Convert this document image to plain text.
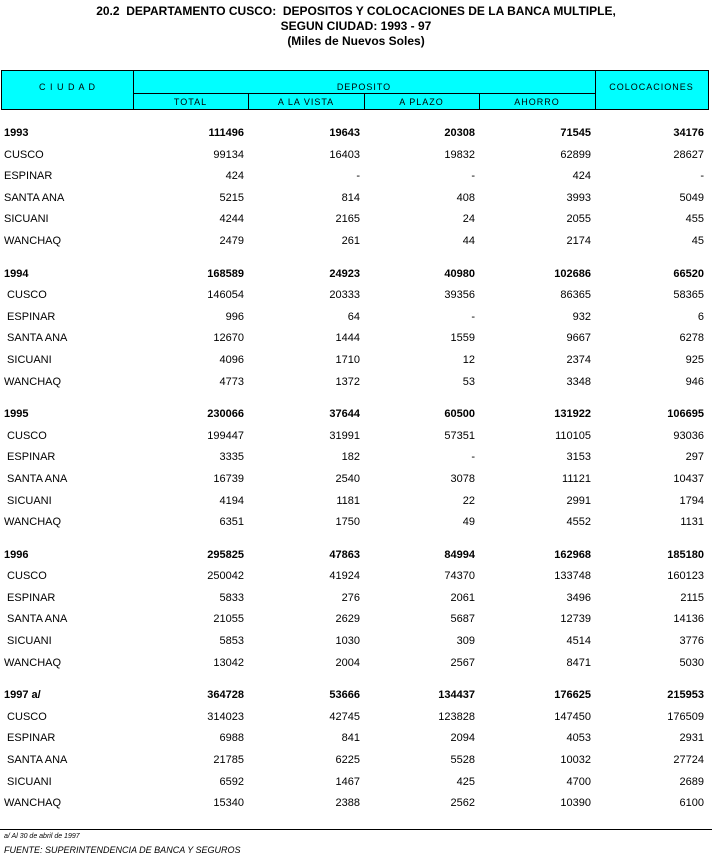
20.2  DEPARTAMENTO CUSCO:  DEPOSITOS Y COLOCACIONES DE LA BANCA MULTIPLE,
SEGUN CIUDAD: 1993 - 97
(Miles de Nuevos Soles)
C I U D A D	DEPOSITO	COLOCACIONES
TOTAL	A LA VISTA	A PLAZO	AHORRO
1993	111496	19643	20308	71545	34176
CUSCO	99134	16403	19832	62899	28627
ESPINAR	424	-	-	424	-
SANTA ANA	5215	814	408	3993	5049
SICUANI	4244	2165	24	2055	455
WANCHAQ	2479	261	44	2174	45

1994	168589	24923	40980	102686	66520
CUSCO	146054	20333	39356	86365	58365
ESPINAR	996	64	-	932	6
SANTA ANA	12670	1444	1559	9667	6278
SICUANI	4096	1710	12	2374	925
WANCHAQ	4773	1372	53	3348	946

1995	230066	37644	60500	131922	106695
CUSCO	199447	31991	57351	110105	93036
ESPINAR	3335	182	-	3153	297
SANTA ANA	16739	2540	3078	11121	10437
SICUANI	4194	1181	22	2991	1794
WANCHAQ	6351	1750	49	4552	1131

1996	295825	47863	84994	162968	185180
CUSCO	250042	41924	74370	133748	160123
ESPINAR	5833	276	2061	3496	2115
SANTA ANA	21055	2629	5687	12739	14136
SICUANI	5853	1030	309	4514	3776
WANCHAQ	13042	2004	2567	8471	5030

1997 a/	364728	53666	134437	176625	215953
CUSCO	314023	42745	123828	147450	176509
ESPINAR	6988	841	2094	4053	2931
SANTA ANA	21785	6225	5528	10032	27724
SICUANI	6592	1467	425	4700	2689
WANCHAQ	15340	2388	2562	10390	6100
a/ Al 30 de abril de 1997
FUENTE: SUPERINTENDENCIA DE BANCA Y SEGUROS
